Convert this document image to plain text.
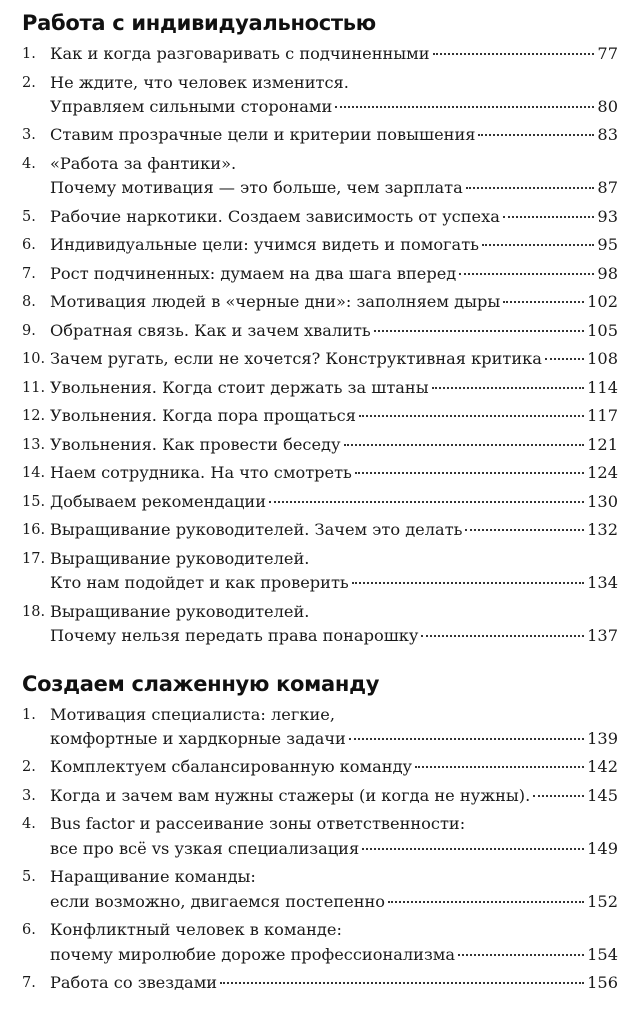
Работа с индивидуальностью
1. Как и когда разговаривать с подчиненными	77
2. Не ждите, что человек изменится.
Управляем сильными сторонами	80
3. Ставим прозрачные цели и критерии повышения	83
4. «Работа за фантики».
Почему мотивация — это больше, чем зарплата	87
5. Рабочие наркотики. Создаем зависимость от успеха	93
6. Индивидуальные цели: учимся видеть и помогать	95
7. Рост подчиненных: думаем на два шага вперед	98
8. Мотивация людей в «черные дни»: заполняем дыры	102
9. Обратная связь. Как и зачем хвалить	105
10. Зачем ругать, если не хочется? Конструктивная критика	108
11. Увольнения. Когда стоит держать за штаны	114
12. Увольнения. Когда пора прощаться	117
13. Увольнения. Как провести беседу	121
14. Наем сотрудника. На что смотреть	124
15. Добываем рекомендации	130
16. Выращивание руководителей. Зачем это делать	132
17. Выращивание руководителей.
Кто нам подойдет и как проверить	134
18. Выращивание руководителей.
Почему нельзя передать права понарошку	137
Создаем слаженную команду
1. Мотивация специалиста: легкие,
комфортные и хардкорные задачи	139
2. Комплектуем сбалансированную команду	142
3. Когда и зачем вам нужны стажеры (и когда не нужны).	145
4. Bus factor и рассеивание зоны ответственности:
все про всё vs узкая специализация	149
5. Наращивание команды:
если возможно, двигаемся постепенно	152
6. Конфликтный человек в команде:
почему миролюбие дороже профессионализма	154
7. Работа со звездами	156
